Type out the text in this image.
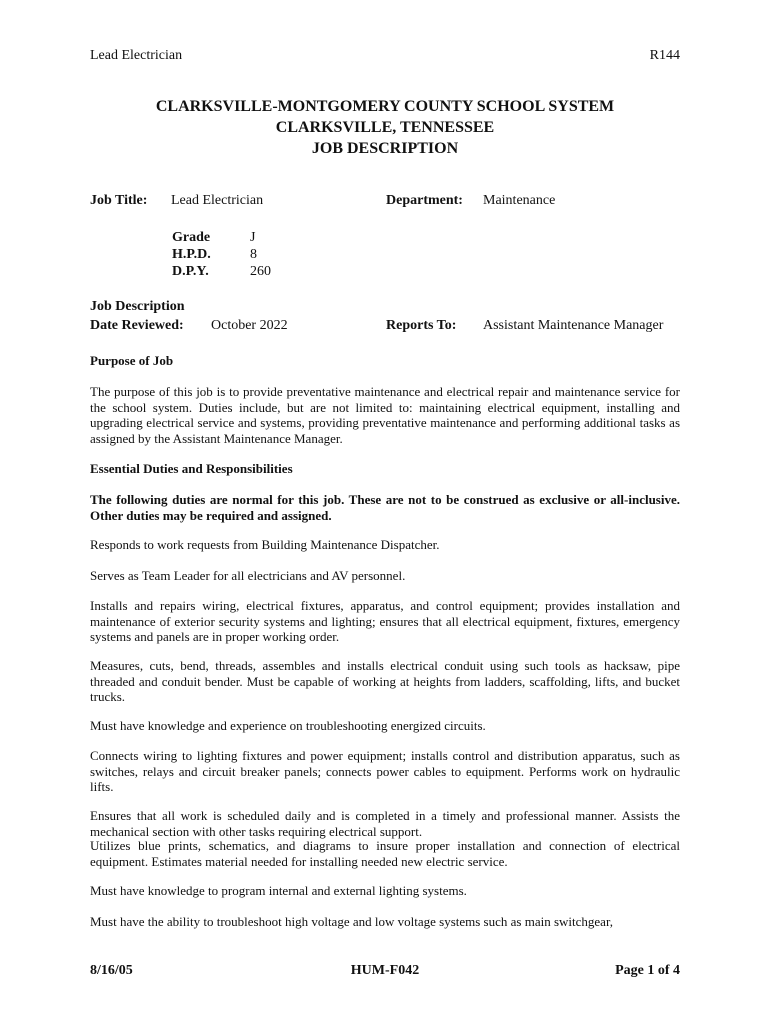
Lead Electrician	R144
CLARKSVILLE-MONTGOMERY COUNTY SCHOOL SYSTEM
CLARKSVILLE, TENNESSEE
JOB DESCRIPTION
Job Title: Lead Electrician	Department: Maintenance
Grade	J
H.P.D.	8
D.P.Y.	260
Job Description
Date Reviewed: October 2022	Reports To: Assistant Maintenance Manager
Purpose of Job
The purpose of this job is to provide preventative maintenance and electrical repair and maintenance service for the school system. Duties include, but are not limited to: maintaining electrical equipment, installing and upgrading electrical service and systems, providing preventative maintenance and performing additional tasks as assigned by the Assistant Maintenance Manager.
Essential Duties and Responsibilities
The following duties are normal for this job. These are not to be construed as exclusive or all-inclusive. Other duties may be required and assigned.
Responds to work requests from Building Maintenance Dispatcher.
Serves as Team Leader for all electricians and AV personnel.
Installs and repairs wiring, electrical fixtures, apparatus, and control equipment; provides installation and maintenance of exterior security systems and lighting; ensures that all electrical equipment, fixtures, emergency systems and panels are in proper working order.
Measures, cuts, bend, threads, assembles and installs electrical conduit using such tools as hacksaw, pipe threaded and conduit bender. Must be capable of working at heights from ladders, scaffolding, lifts, and bucket trucks.
Must have knowledge and experience on troubleshooting energized circuits.
Connects wiring to lighting fixtures and power equipment; installs control and distribution apparatus, such as switches, relays and circuit breaker panels; connects power cables to equipment. Performs work on hydraulic lifts.
Ensures that all work is scheduled daily and is completed in a timely and professional manner. Assists the mechanical section with other tasks requiring electrical support.
Utilizes blue prints, schematics, and diagrams to insure proper installation and connection of electrical equipment. Estimates material needed for installing needed new electric service.
Must have knowledge to program internal and external lighting systems.
Must have the ability to troubleshoot high voltage and low voltage systems such as main switchgear,
8/16/05	HUM-F042	Page 1 of 4
